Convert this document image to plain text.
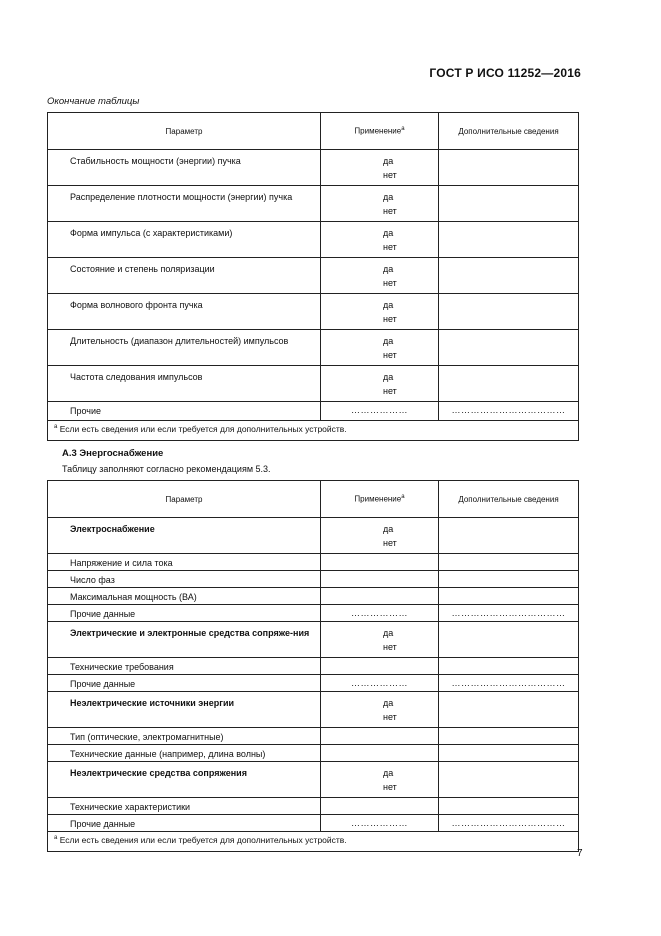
ГОСТ Р ИСО 11252—2016
Окончание таблицы
Параметр	Применение$^а$	Дополнительные сведения
Стабильность мощности (энергии) пучка	да
нет	

Распределение плотности мощности (энергии) пучка	да
нет	

Форма импульса (с характеристиками)	да
нет	

Состояние и степень поляризации	да
нет	

Форма волнового фронта пучка	да
нет	

Длительность (диапазон длительностей) импульсов	да
нет	

Частота следования импульсов	да
нет	

Прочие	………………	………………………………
$^а$ Если есть сведения или если требуется для дополнительных устройств.		
А.3 Энергоснабжение
Таблицу заполняют согласно рекомендациям 5.3.
Параметр	Применение$^а$	Дополнительные сведения
Электроснабжение	да
нет	

Напряжение и сила тока		
Число фаз		
Максимальная мощность (ВА)		
Прочие данные	………………	………………………………
Электрические и электронные средства сопряже-ния	да
нет	

Технические требования		
Прочие данные	………………	………………………………
Неэлектрические источники энергии	да
нет	

Тип (оптические, электромагнитные)		
Технические данные (например, длина волны)		
Неэлектрические средства сопряжения	да
нет	

Технические характеристики		
Прочие данные	………………	………………………………
$^а$ Если есть сведения или если требуется для дополнительных устройств.		
7
